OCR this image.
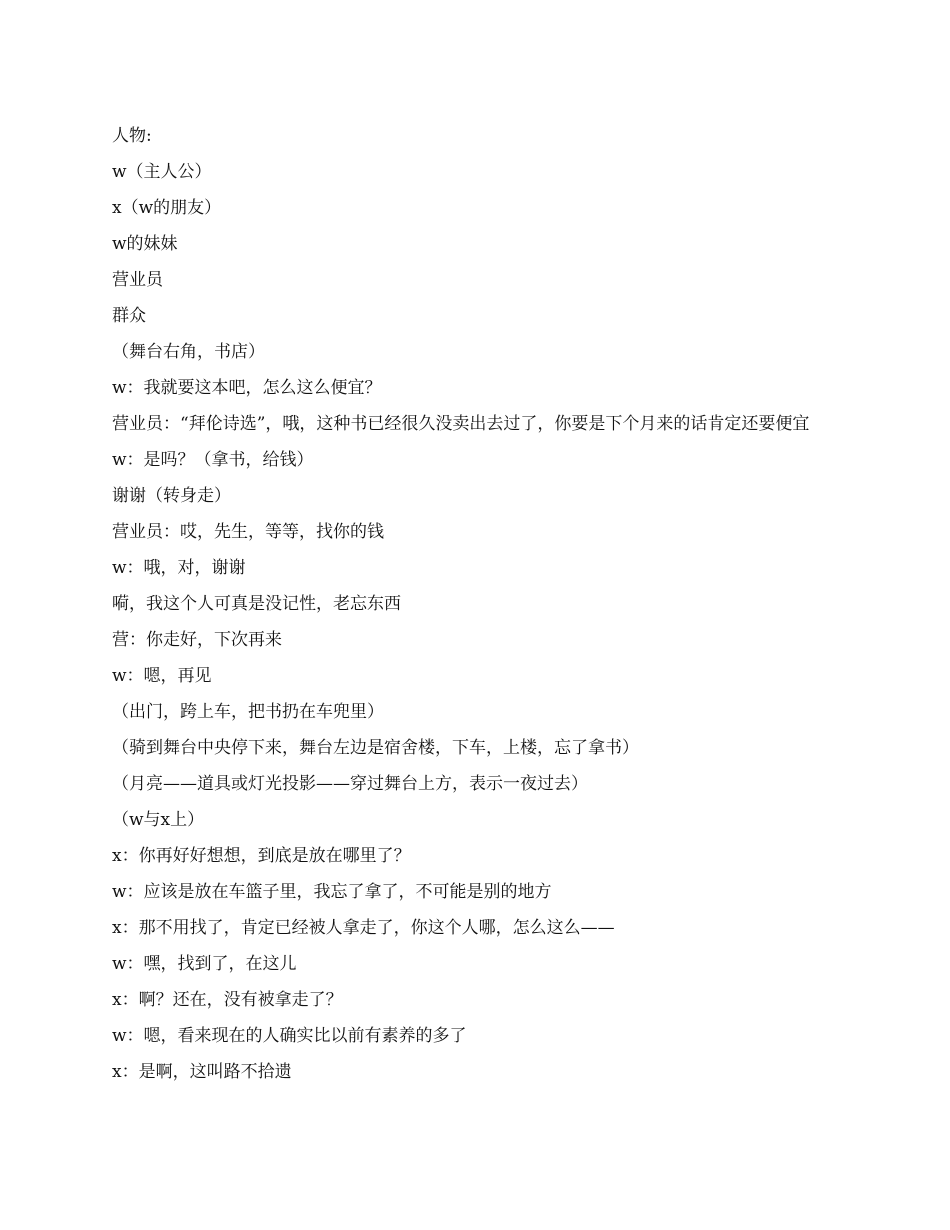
人物:
w（主人公）
x（w的朋友）
w的妹妹
营业员
群众
（舞台右角，书店）
w：我就要这本吧，怎么这么便宜？
营业员：“拜伦诗选”，哦，这种书已经很久没卖出去过了，你要是下个月来的话肯定还要便宜
w：是吗？（拿书，给钱）
谢谢（转身走）
营业员：哎，先生，等等，找你的钱
w：哦，对，谢谢
嗬，我这个人可真是没记性，老忘东西
营：你走好，下次再来
w：嗯，再见
（出门，跨上车，把书扔在车兜里）
（骑到舞台中央停下来，舞台左边是宿舍楼，下车，上楼，忘了拿书）
（月亮——道具或灯光投影——穿过舞台上方，表示一夜过去）
（w与x上）
x：你再好好想想，到底是放在哪里了？
w：应该是放在车篮子里，我忘了拿了，不可能是别的地方
x：那不用找了，肯定已经被人拿走了，你这个人哪，怎么这么——
w：嘿，找到了，在这儿
x：啊？还在，没有被拿走了？
w：嗯，看来现在的人确实比以前有素养的多了
x：是啊，这叫路不拾遗
